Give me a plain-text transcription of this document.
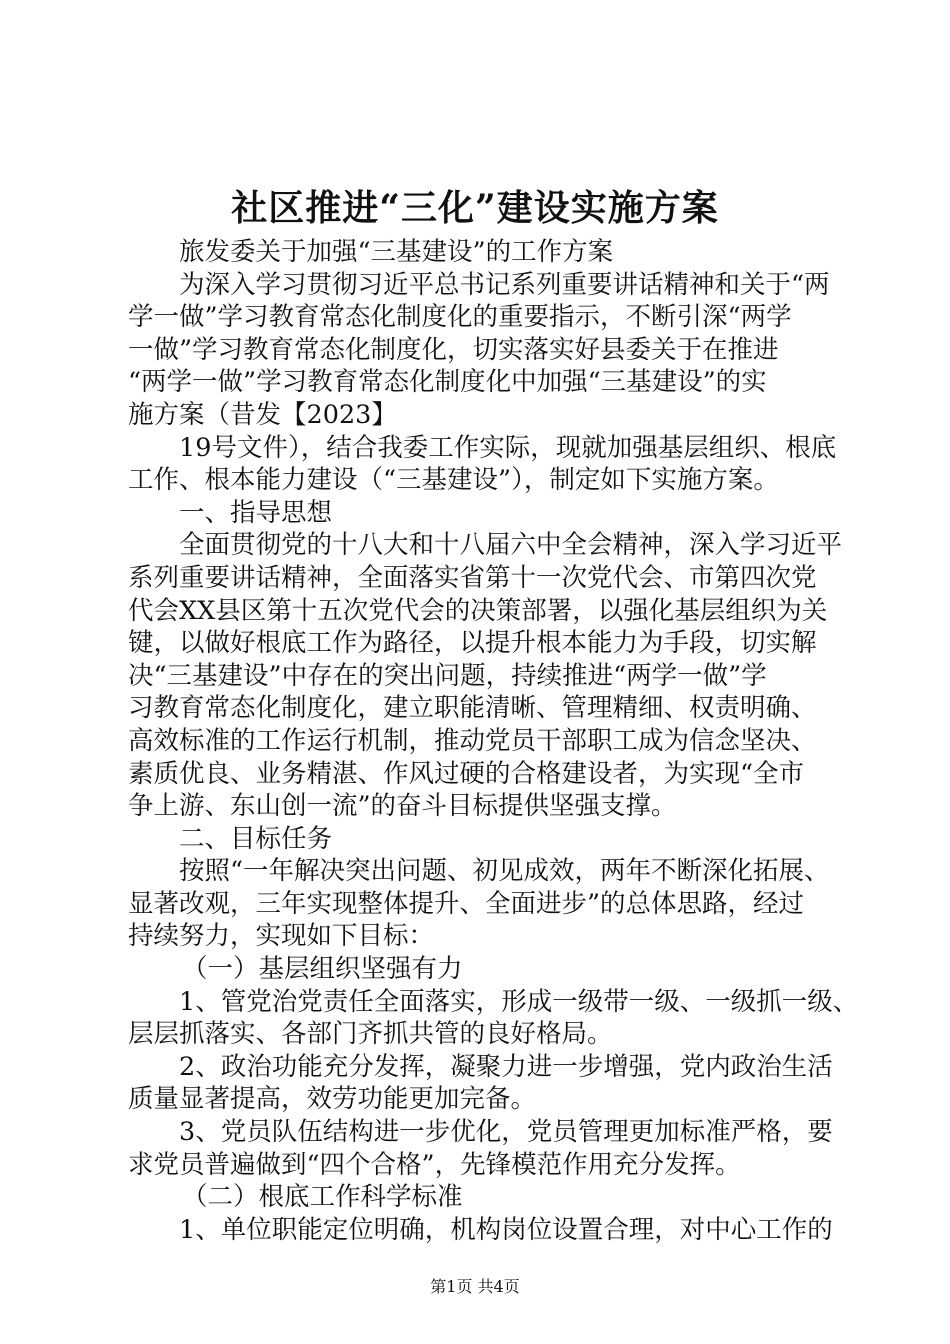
社区推进“三化”建设实施方案
旅发委关于加强“三基建设”的工作方案
为深入学习贯彻习近平总书记系列重要讲话精神和关于“两
学一做”学习教育常态化制度化的重要指示，不断引深“两学
一做”学习教育常态化制度化，切实落实好县委关于在推进
“两学一做”学习教育常态化制度化中加强“三基建设”的实
施方案（昔发【2023】
19号文件），结合我委工作实际，现就加强基层组织、根底
工作、根本能力建设（“三基建设”），制定如下实施方案。
一、指导思想
全面贯彻党的十八大和十八届六中全会精神，深入学习近平
系列重要讲话精神，全面落实省第十一次党代会、市第四次党
代会XX县区第十五次党代会的决策部署，以强化基层组织为关
键，以做好根底工作为路径，以提升根本能力为手段，切实解
决“三基建设”中存在的突出问题，持续推进“两学一做”学
习教育常态化制度化，建立职能清晰、管理精细、权责明确、
高效标准的工作运行机制，推动党员干部职工成为信念坚决、
素质优良、业务精湛、作风过硬的合格建设者，为实现“全市
争上游、东山创一流”的奋斗目标提供坚强支撑。
二、目标任务
按照“一年解决突出问题、初见成效，两年不断深化拓展、
显著改观，三年实现整体提升、全面进步”的总体思路，经过
持续努力，实现如下目标：
（一）基层组织坚强有力
1、管党治党责任全面落实，形成一级带一级、一级抓一级、
层层抓落实、各部门齐抓共管的良好格局。
2、政治功能充分发挥，凝聚力进一步增强，党内政治生活
质量显著提高，效劳功能更加完备。
3、党员队伍结构进一步优化，党员管理更加标准严格，要
求党员普遍做到“四个合格”，先锋模范作用充分发挥。
（二）根底工作科学标准
1、单位职能定位明确，机构岗位设置合理，对中心工作的
第1页 共4页
